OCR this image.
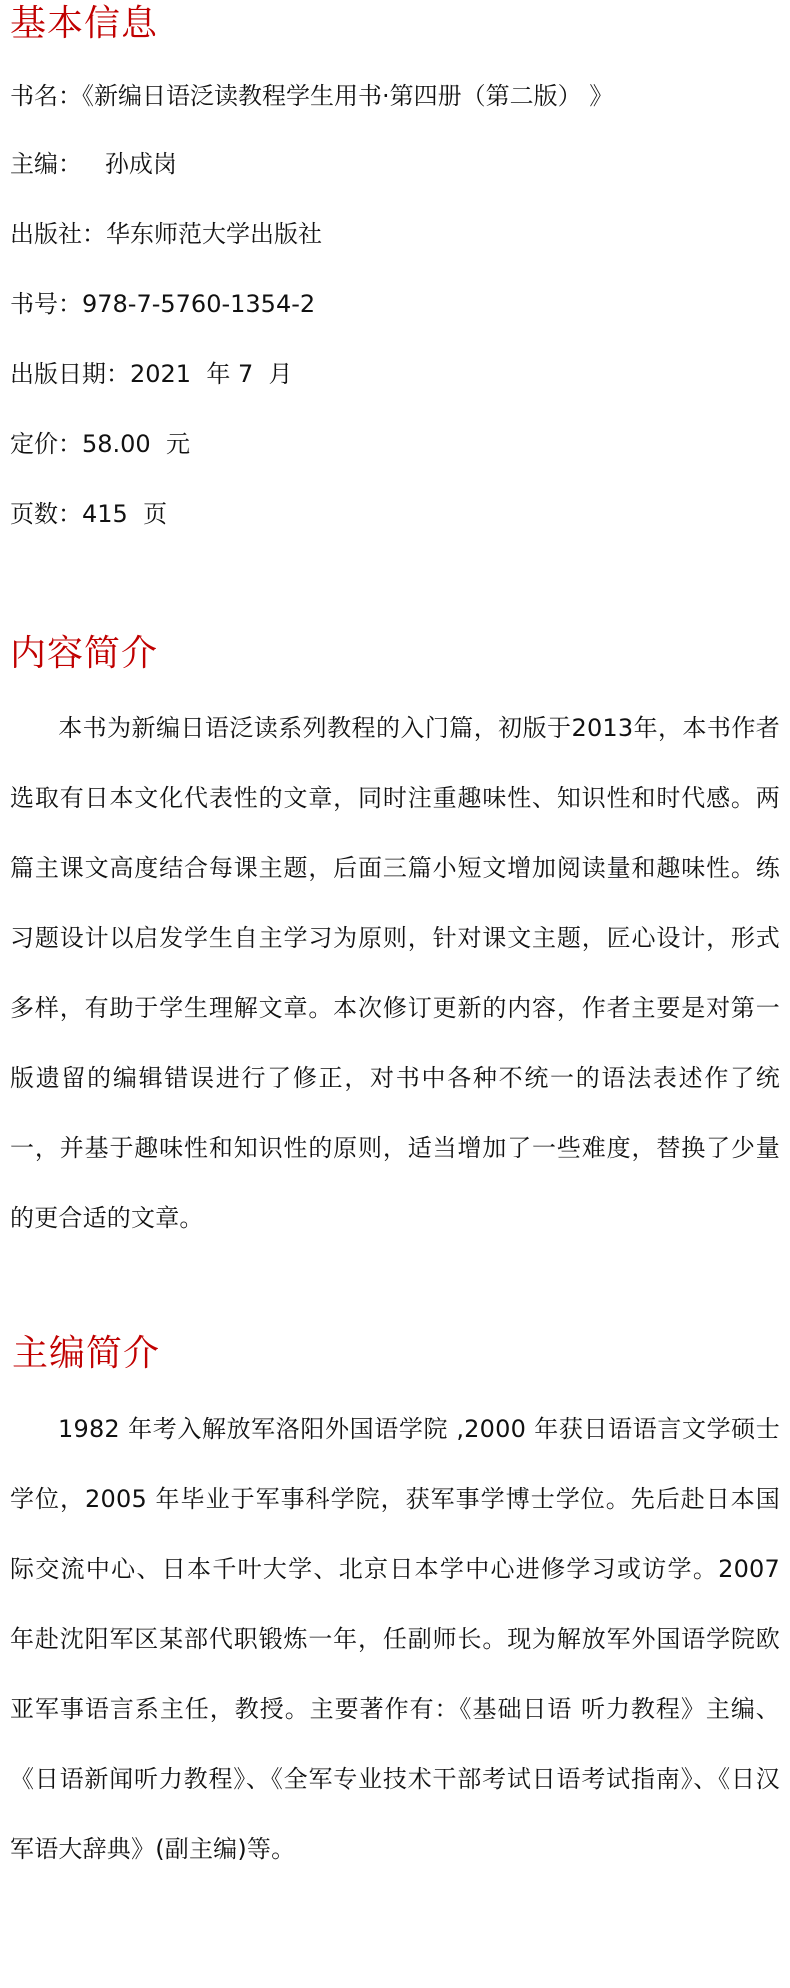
基本信息

书名：《新编日语泛读教程学生用书·第四册（第二版） 》

主编：   孙成岗

出版社：华东师范大学出版社

书号：978-7-5760-1354-2

出版日期：2021  年 7  月

定价：58.00  元

页数：415  页

内容简介

本书为新编日语泛读系列教程的入门篇，初版于2013年，本书作者选取有日本文化代表性的文章，同时注重趣味性、知识性和时代感。两篇主课文高度结合每课主题，后面三篇小短文增加阅读量和趣味性。练习题设计以启发学生自主学习为原则，针对课文主题，匠心设计，形式多样，有助于学生理解文章。本次修订更新的内容，作者主要是对第一版遗留的编辑错误进行了修正，对书中各种不统一的语法表述作了统一，并基于趣味性和知识性的原则，适当增加了一些难度，替换了少量的更合适的文章。

主编简介

1982 年考入解放军洛阳外国语学院 ,2000 年获日语语言文学硕士学位，2005 年毕业于军事科学院，获军事学博士学位。先后赴日本国际交流中心、日本千叶大学、北京日本学中心进修学习或访学。2007 年赴沈阳军区某部代职锻炼一年，任副师长。现为解放军外国语学院欧亚军事语言系主任，教授。主要著作有：《基础日语 听力教程》主编、《日语新闻听力教程》、《全军专业技术干部考试日语考试指南》、《日汉军语大辞典》(副主编)等。
